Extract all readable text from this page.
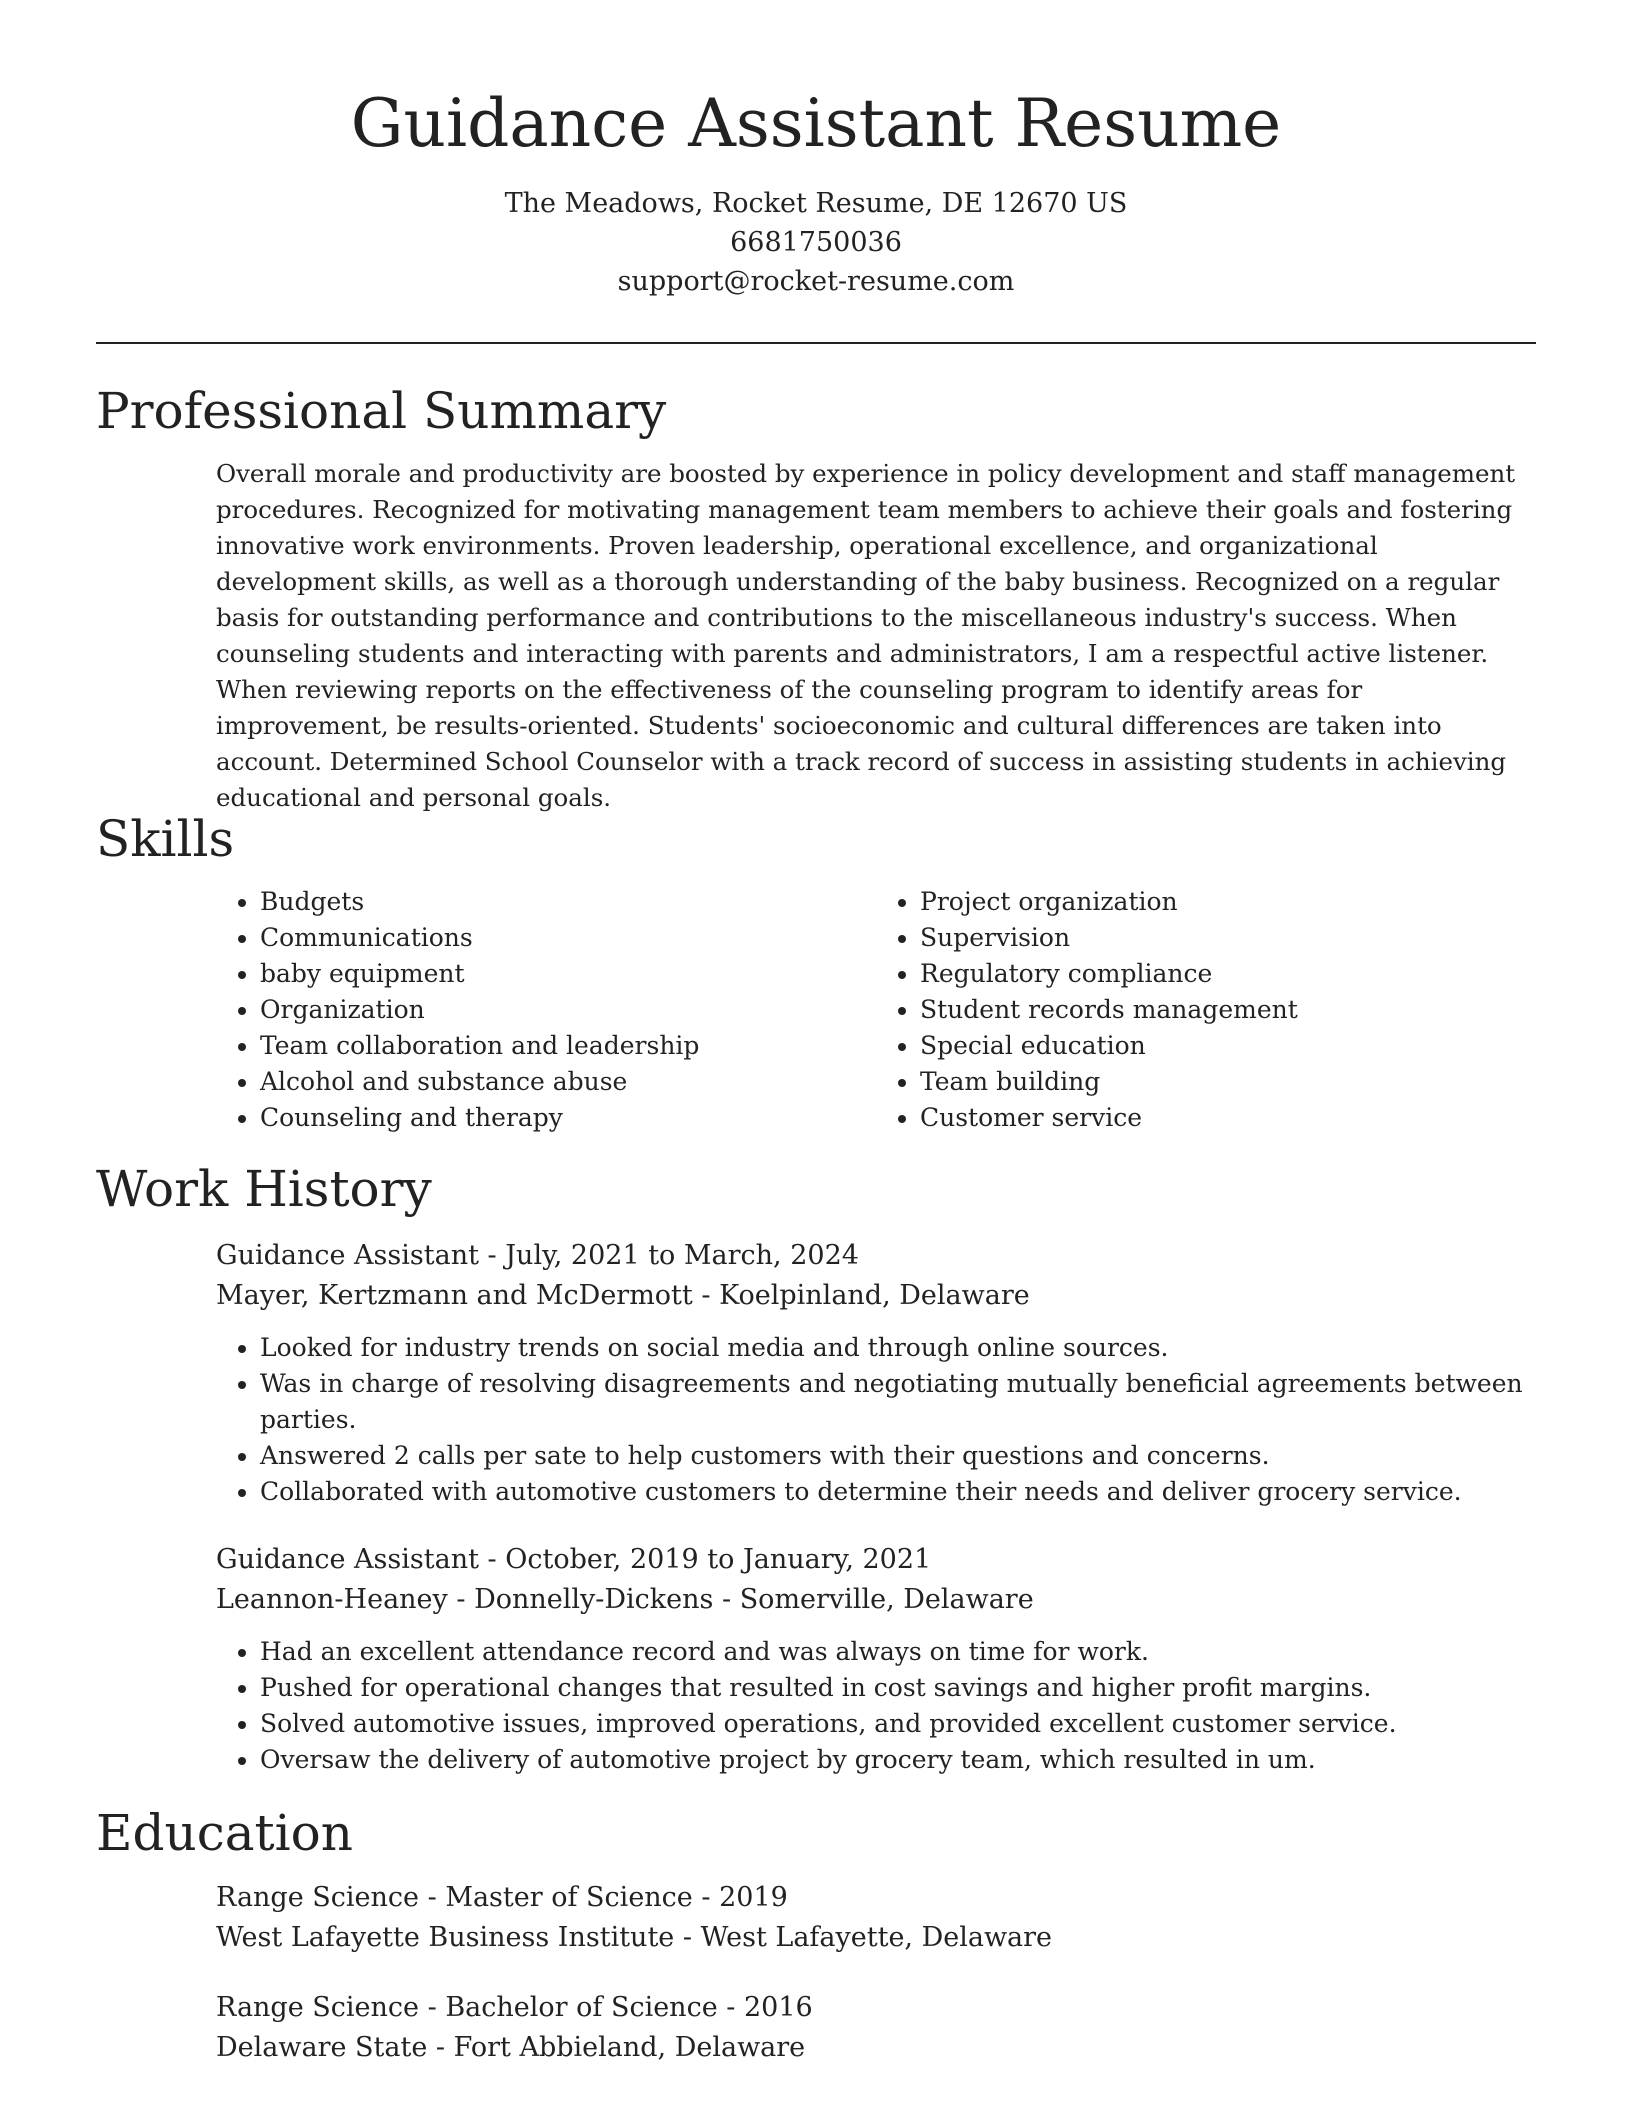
Guidance Assistant Resume
The Meadows, Rocket Resume, DE 12670 US
6681750036
support@rocket-resume.com
Professional Summary

Overall morale and productivity are boosted by experience in policy development and staff management procedures. Recognized for motivating management team members to achieve their goals and fostering innovative work environments. Proven leadership, operational excellence, and organizational development skills, as well as a thorough understanding of the baby business. Recognized on a regular basis for outstanding performance and contributions to the miscellaneous industry's success. When counseling students and interacting with parents and administrators, I am a respectful active listener. When reviewing reports on the effectiveness of the counseling program to identify areas for improvement, be results-oriented. Students' socioeconomic and cultural differences are taken into account. Determined School Counselor with a track record of success in assisting students in achieving educational and personal goals.

Skills
• Budgets
• Communications
• baby equipment
• Organization
• Team collaboration and leadership
• Alcohol and substance abuse
• Counseling and therapy
• Project organization
• Supervision
• Regulatory compliance
• Student records management
• Special education
• Team building
• Customer service
Work History
Guidance Assistant - July, 2021 to March, 2024
Mayer, Kertzmann and McDermott - Koelpinland, Delaware
• Looked for industry trends on social media and through online sources.
• Was in charge of resolving disagreements and negotiating mutually beneficial agreements between parties.
• Answered 2 calls per sate to help customers with their questions and concerns.
• Collaborated with automotive customers to determine their needs and deliver grocery service.
Guidance Assistant - October, 2019 to January, 2021
Leannon-Heaney - Donnelly-Dickens - Somerville, Delaware
• Had an excellent attendance record and was always on time for work.
• Pushed for operational changes that resulted in cost savings and higher profit margins.
• Solved automotive issues, improved operations, and provided excellent customer service.
• Oversaw the delivery of automotive project by grocery team, which resulted in um.
Education
Range Science - Master of Science - 2019
West Lafayette Business Institute - West Lafayette, Delaware
Range Science - Bachelor of Science - 2016
Delaware State - Fort Abbieland, Delaware
